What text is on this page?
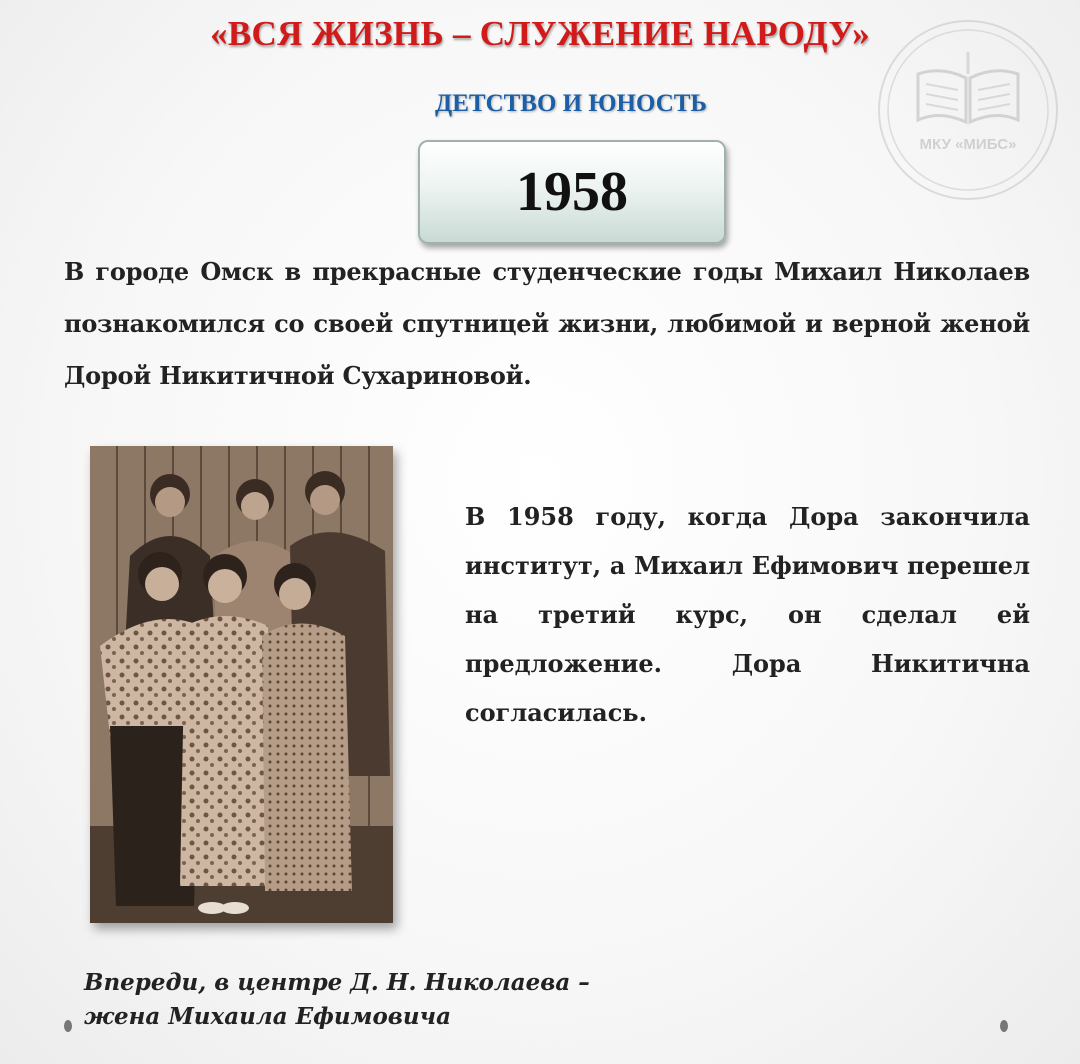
«ВСЯ ЖИЗНЬ – СЛУЖЕНИЕ НАРОДУ»
ДЕТСТВО И ЮНОСТЬ
МКУ «МИБС»
1958
В городе Омск в прекрасные студенческие годы Михаил Николаев познакомился со своей спутницей жизни, любимой и верной женой Дорой Никитичной Сухариновой.
В 1958 году, когда Дора закончила институт, а Михаил Ефимович перешел на третий курс, он сделал ей предложение. Дора Никитична согласилась.
Впереди, в центре Д. Н. Николаева –
жена Михаила Ефимовича
